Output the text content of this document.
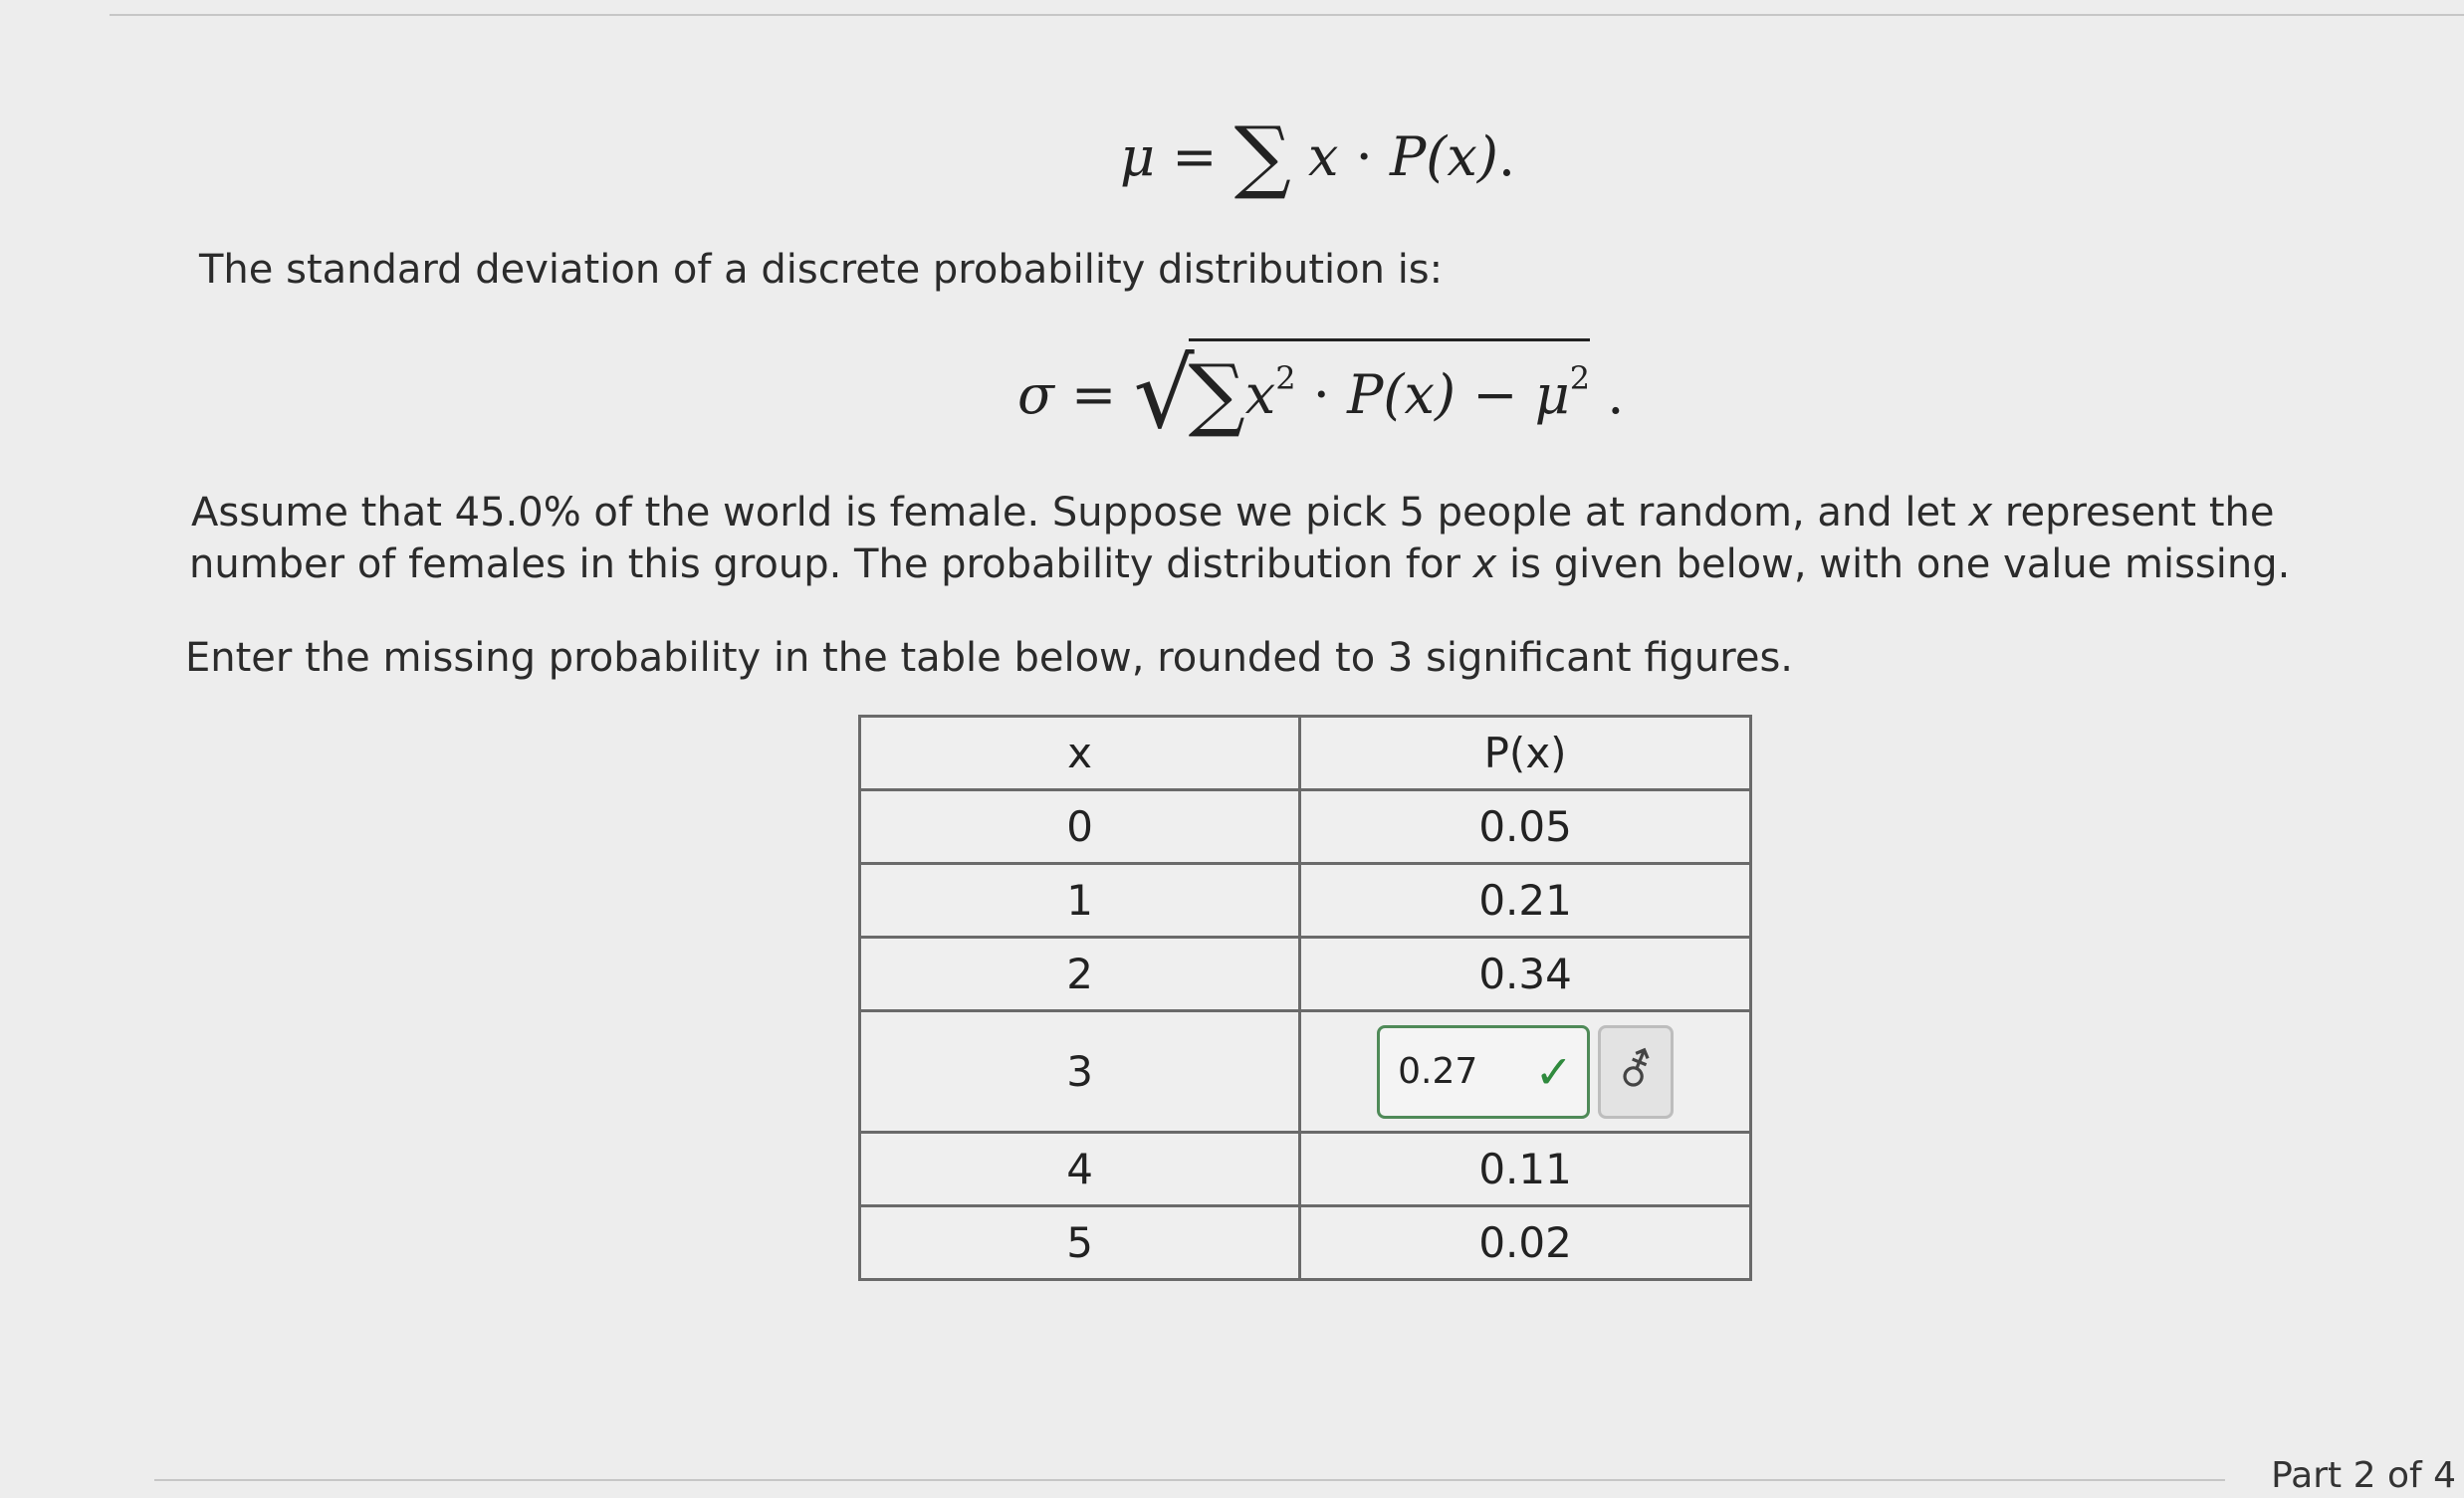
μ = ∑ x · P(x).
The standard deviation of a discrete probability distribution is:
$\sigma = √\sum x^2 \cdot P(x) - \mu^2$ .
Assume that 45.0% of the world is female. Suppose we pick 5 people at random, and let x represent the
number of females in this group. The probability distribution for x is given below, with one value missing.
Enter the missing probability in the table below, rounded to 3 significant figures.
x	P(x)
0	0.05
1	0.21
2	0.34
3	0.27 ✓ ⚦

4	0.11
5	0.02
Part 2 of 4
